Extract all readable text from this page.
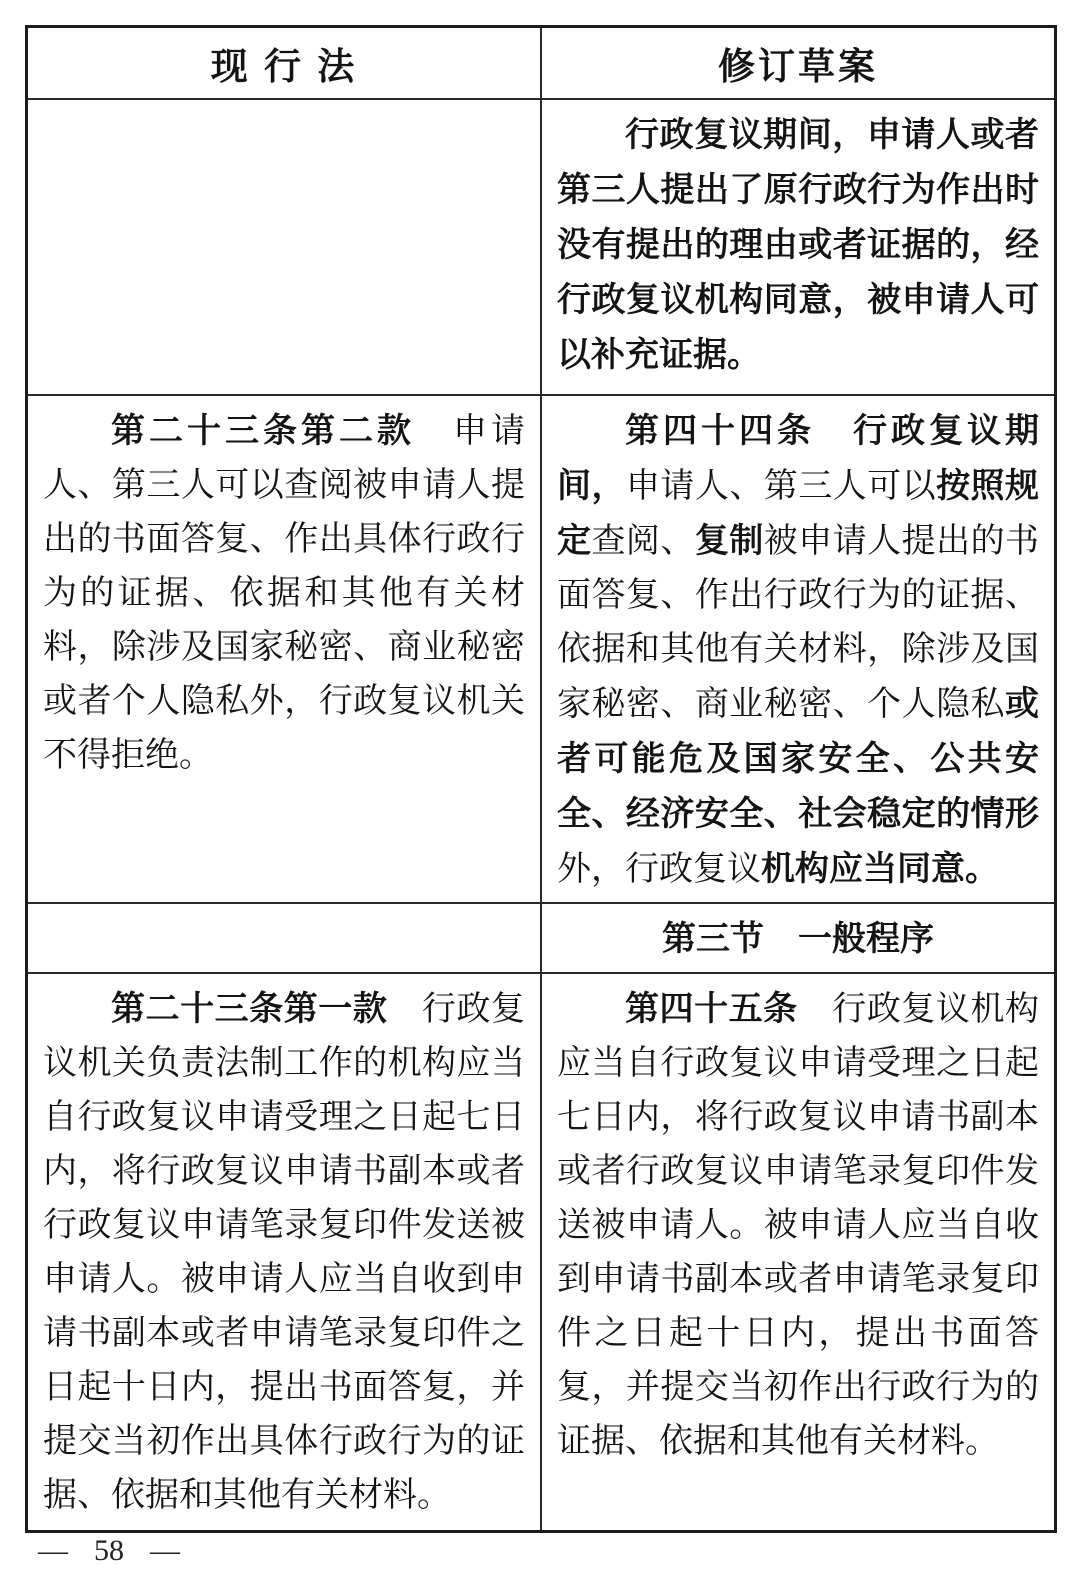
现 行 法	修订草案

	行政复议期间，申请人或者第三人提出了原行政行为作出时没有提出的理由或者证据的，经行政复议机构同意，被申请人可以补充证据。

第二十三条第二款　申请人、第三人可以查阅被申请人提出的书面答复、作出具体行政行为的证据、依据和其他有关材料，除涉及国家秘密、商业秘密或者个人隐私外，行政复议机关不得拒绝。	第四十四条　行政复议期间，申请人、第三人可以按照规定查阅、复制被申请人提出的书面答复、作出行政行为的证据、依据和其他有关材料，除涉及国家秘密、商业秘密、个人隐私或者可能危及国家安全、公共安全、经济安全、社会稳定的情形外，行政复议机构应当同意。

	第三节　一般程序

第二十三条第一款　行政复议机关负责法制工作的机构应当自行政复议申请受理之日起七日内，将行政复议申请书副本或者行政复议申请笔录复印件发送被申请人。被申请人应当自收到申请书副本或者申请笔录复印件之日起十日内，提出书面答复，并提交当初作出具体行政行为的证据、依据和其他有关材料。	第四十五条　行政复议机构应当自行政复议申请受理之日起七日内，将行政复议申请书副本或者行政复议申请笔录复印件发送被申请人。被申请人应当自收到申请书副本或者申请笔录复印件之日起十日内，提出书面答复，并提交当初作出行政行为的证据、依据和其他有关材料。

— 58 —
